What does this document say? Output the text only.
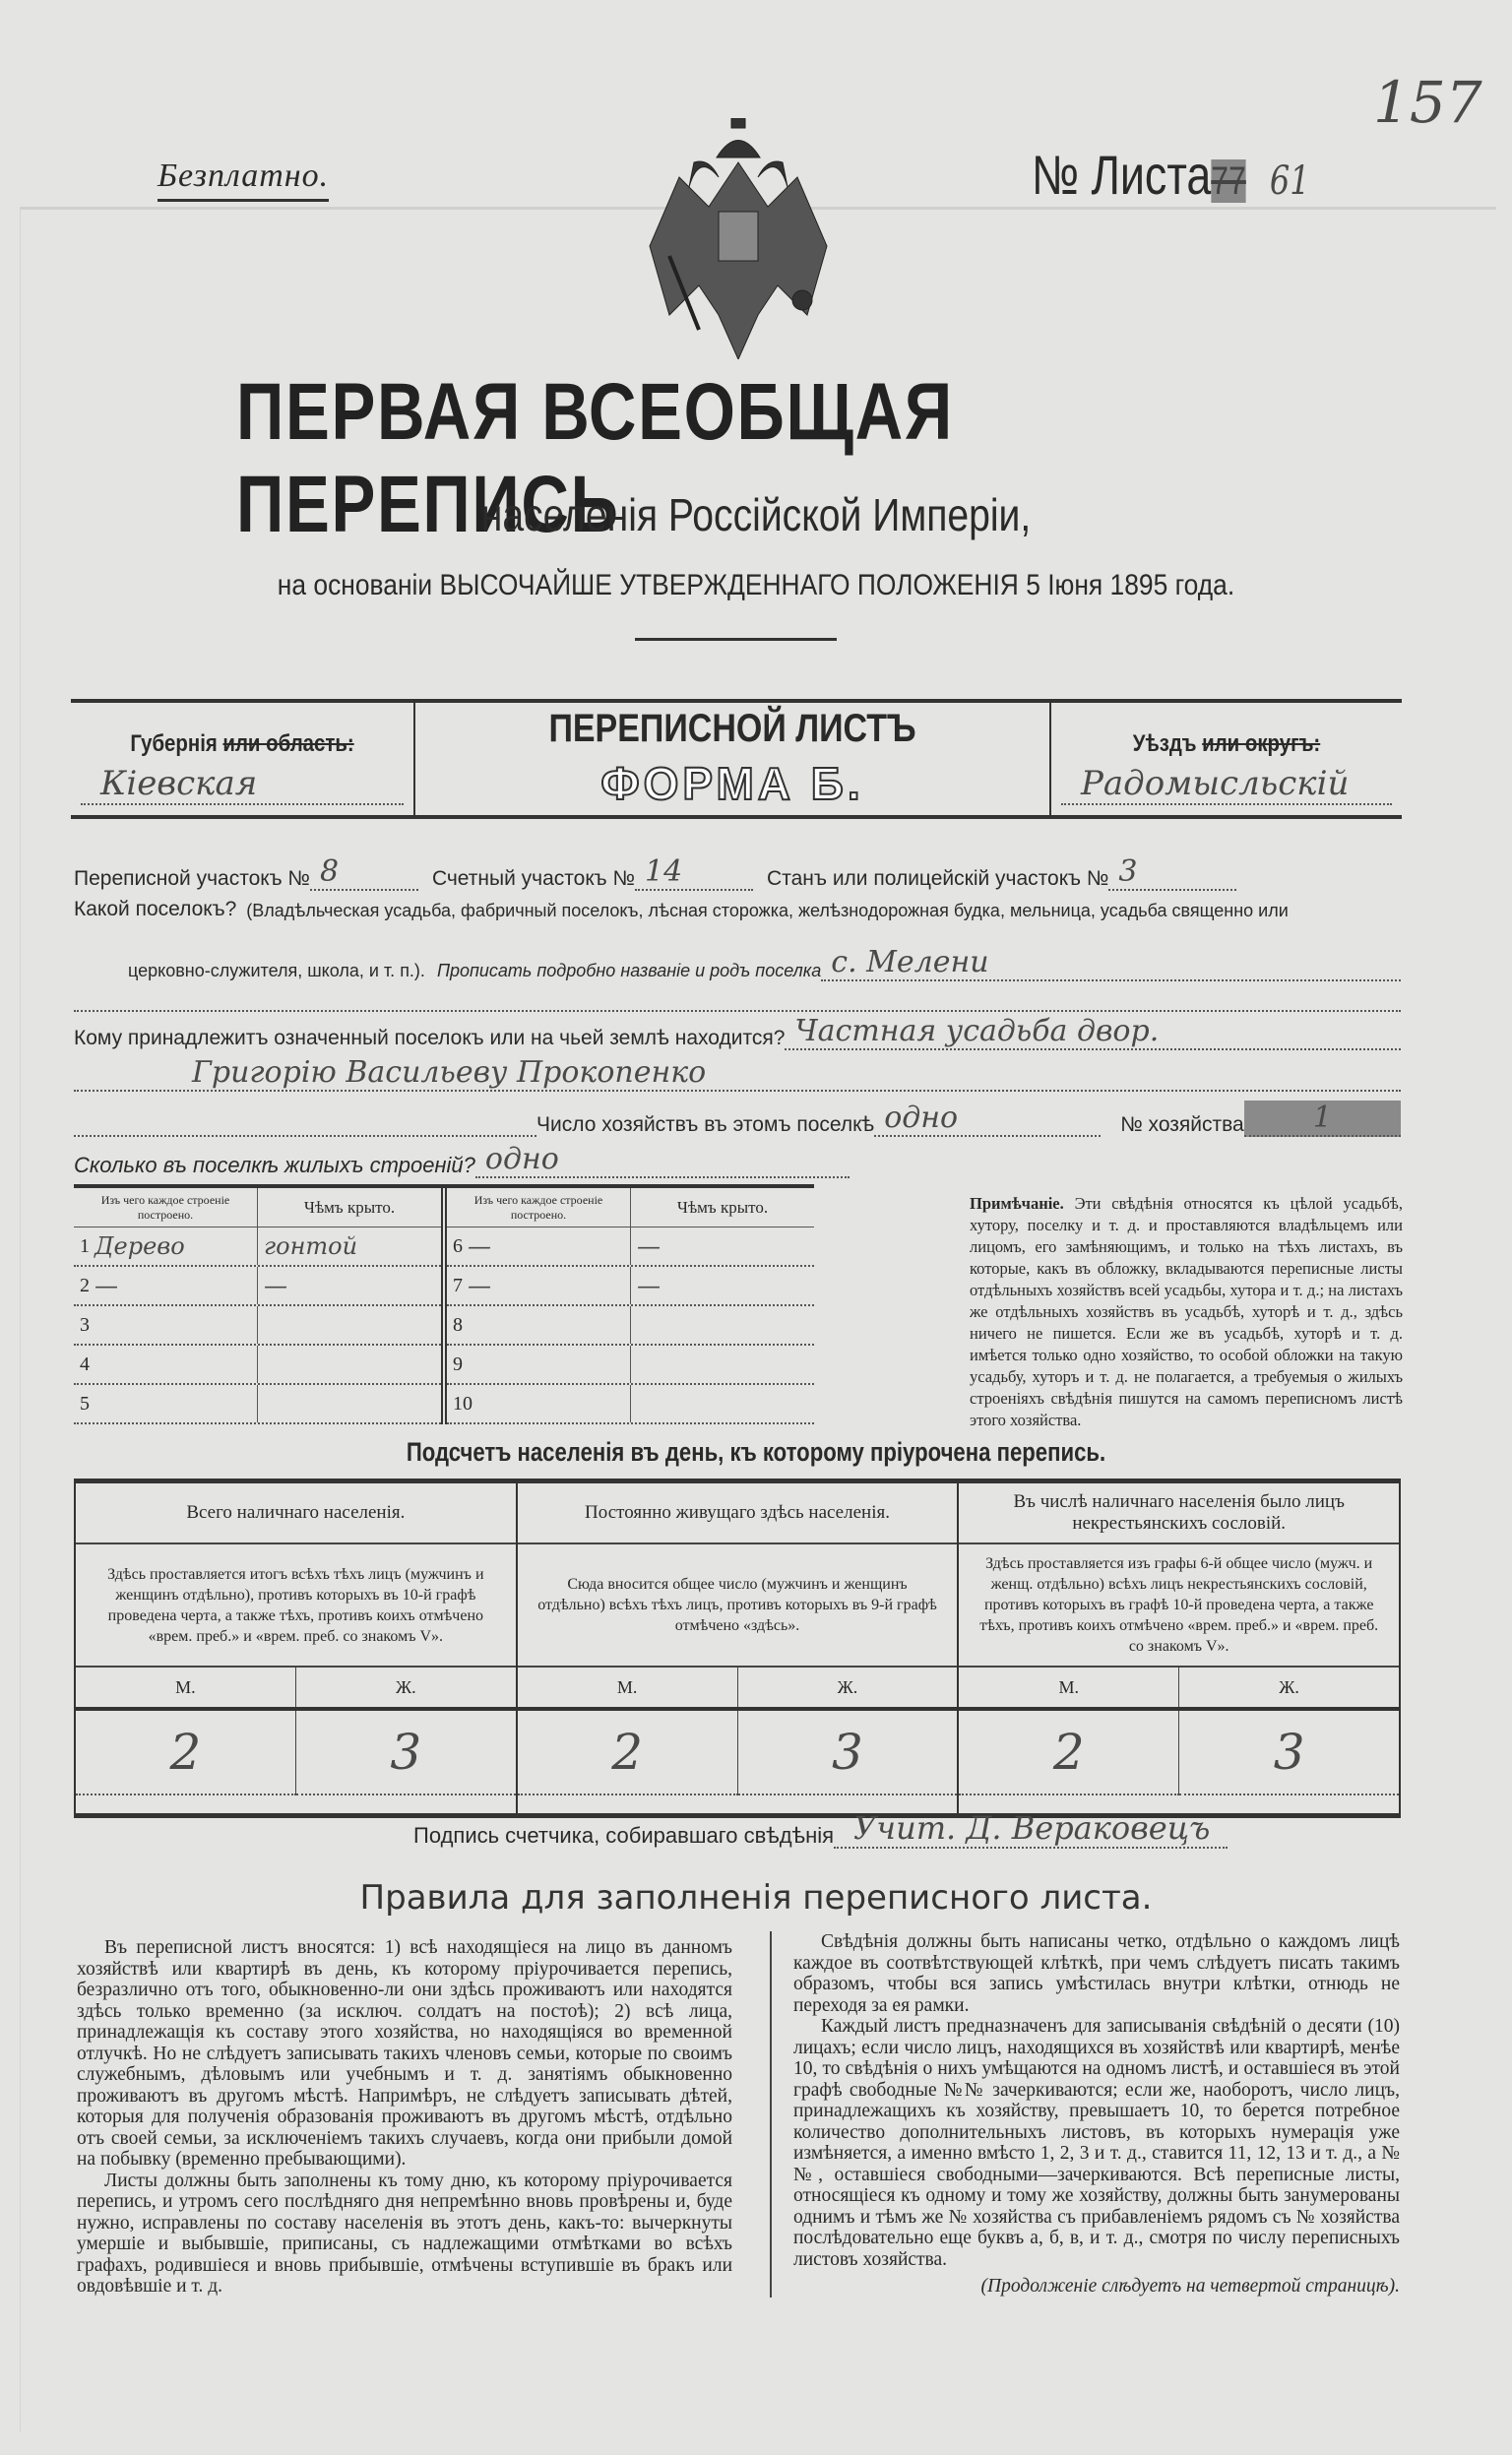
Безплатно.
157
№ Листа77 61
ПЕРВАЯ ВСЕОБЩАЯ ПЕРЕПИСЬ
населенія Россійской Имперіи,
на основаніи ВЫСОЧАЙШЕ УТВЕРЖДЕННАГО ПОЛОЖЕНІЯ 5 Іюня 1895 года.
Губернія или область:
Кіевская
ПЕРЕПИСНОЙ ЛИСТЪ
ФОРМА Б.
Уѣздъ или округъ:
Радомысльскій
Переписной участокъ № 8	Счетный участокъ № 14	Станъ или полицейскій участокъ № 3
Какой поселокъ? (Владѣльческая усадьба, фабричный поселокъ, лѣсная сторожка, желѣзнодорожная будка, мельница, усадьба священно или
церковно-служителя, школа, и т. п.). Прописать подробно названіе и родъ поселка с. Мелени
Кому принадлежитъ означенный поселокъ или на чьей землѣ находится? Частная усадьба двор.
Григорію Васильеву Прокопенко
Число хозяйствъ въ этомъ поселкѣ одно	№ хозяйства	1
Сколько въ поселкѣ жилыхъ строеній? одно
Изъ чего каждое строеніе построено.	Чѣмъ крыто.
1
Дерево	гонтой
2
—	—
3

4

5

Изъ чего каждое строеніе построено.	Чѣмъ крыто.
6
—	—
7
—	—
8

9

10

Примѣчаніе. Эти свѣдѣнія относятся къ цѣлой усадьбѣ, хутору, поселку и т. д. и проставляются владѣльцемъ или лицомъ, его замѣняющимъ, и только на тѣхъ листахъ, въ которые, какъ въ обложку, вкладываются переписные листы отдѣльныхъ хозяйствъ всей усадьбы, хутора и т. д.; на листахъ же отдѣльныхъ хозяйствъ въ усадьбѣ, хуторѣ и т. д., здѣсь ничего не пишется. Если же въ усадьбѣ, хуторѣ и т. д. имѣется только одно хозяйство, то особой обложки на такую усадьбу, хуторъ и т. д. не полагается, а требуемыя о жилыхъ строеніяхъ свѣдѣнія пишутся на самомъ переписномъ листѣ этого хозяйства.
Подсчетъ населенія въ день, къ которому пріурочена перепись.
Всего наличнаго населенія.
Здѣсь проставляется итогъ всѣхъ тѣхъ лицъ (мужчинъ и женщинъ отдѣльно), противъ которыхъ въ 10-й графѣ проведена черта, а также тѣхъ, противъ коихъ отмѣчено «врем. преб.» и «врем. преб. со знакомъ V».
М.	Ж.
2	3
Постоянно живущаго здѣсь населенія.
Сюда вносится общее число (мужчинъ и женщинъ отдѣльно) всѣхъ тѣхъ лицъ, противъ которыхъ въ 9-й графѣ отмѣчено «здѣсь».
М.	Ж.
2	3
Въ числѣ наличнаго населенія было лицъ некрестьянскихъ сословій.
Здѣсь проставляется изъ графы 6-й общее число (мужч. и женщ. отдѣльно) всѣхъ лицъ некрестьянскихъ сословій, противъ которыхъ въ графѣ 10-й проведена черта, а также тѣхъ, противъ коихъ отмѣчено «врем. преб.» и «врем. преб. со знакомъ V».
М.	Ж.
2	3
Подпись счетчика, собиравшаго свѣдѣнія Учит. Д. Вераковецъ
Правила для заполненія переписного листа.

Въ переписной листъ вносятся: 1) всѣ находящіеся на лицо въ данномъ хозяйствѣ или квартирѣ въ день, къ которому пріурочивается перепись, безразлично отъ того, обыкновенно-ли они здѣсь проживаютъ или находятся здѣсь только временно (за исключ. солдатъ на постоѣ); 2) всѣ лица, принадлежащія къ составу этого хозяйства, но находящіяся во временной отлучкѣ. Но не слѣдуетъ записывать такихъ членовъ семьи, которые по своимъ служебнымъ, дѣловымъ или учебнымъ и т. д. занятіямъ обыкновенно проживаютъ въ другомъ мѣстѣ. Напримѣръ, не слѣдуетъ записывать дѣтей, которыя для полученія образованія проживаютъ въ другомъ мѣстѣ, отдѣльно отъ своей семьи, за исключеніемъ такихъ случаевъ, когда они прибыли домой на побывку (временно пребывающими).

Листы должны быть заполнены къ тому дню, къ которому пріурочивается перепись, и утромъ сего послѣдняго дня непремѣнно вновь провѣрены и, буде нужно, исправлены по составу населенія въ этотъ день, какъ-то: вычеркнуты умершіе и выбывшіе, приписаны, съ надлежащими отмѣтками во всѣхъ графахъ, родившіеся и вновь прибывшіе, отмѣчены вступившіе въ бракъ или овдовѣвшіе и т. д.

Свѣдѣнія должны быть написаны четко, отдѣльно о каждомъ лицѣ каждое въ соотвѣтствующей клѣткѣ, при чемъ слѣдуетъ писать такимъ образомъ, чтобы вся запись умѣстилась внутри клѣтки, отнюдь не переходя за ея рамки.

Каждый листъ предназначенъ для записыванія свѣдѣній о десяти (10) лицахъ; если число лицъ, находящихся въ хозяйствѣ или квартирѣ, менѣе 10, то свѣдѣнія о нихъ умѣщаются на одномъ листѣ, и оставшіеся въ этой графѣ свободные №№ зачеркиваются; если же, наоборотъ, число лицъ, принадлежащихъ къ хозяйству, превышаетъ 10, то берется потребное количество дополнительныхъ листовъ, въ которыхъ нумерація уже измѣняется, а именно вмѣсто 1, 2, 3 и т. д., ставится 11, 12, 13 и т. д., а №№, оставшіеся свободными—зачеркиваются. Всѣ переписные листы, относящіеся къ одному и тому же хозяйству, должны быть занумерованы однимъ и тѣмъ же № хозяйства съ прибавленіемъ рядомъ съ № хозяйства послѣдовательно еще буквъ а, б, в, и т. д., смотря по числу переписныхъ листовъ хозяйства.

(Продолженіе слѣдуетъ на четвертой страницѣ).
